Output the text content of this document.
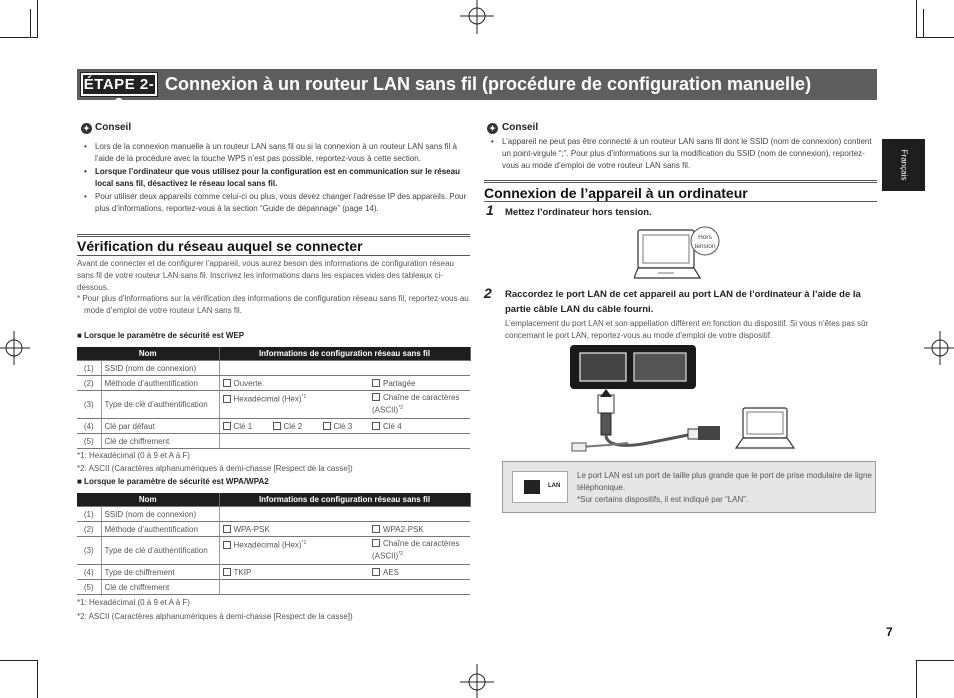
ÉTAPE 2-2
Connexion à un routeur LAN sans fil (procédure de configuration manuelle)
✦ Conseil
• Lors de la connexion manuelle à un routeur LAN sans fil ou si la connexion à un routeur LAN sans fil à l’aide de la procédure avec la touche WPS n’est pas possible, reportez-vous à cette section.
• Lorsque l’ordinateur que vous utilisez pour la configuration est en communication sur le réseau local sans fil, désactivez le réseau local sans fil.
• Pour utiliser deux appareils comme celui-ci ou plus, vous devez changer l’adresse IP des appareils. Pour plus d’informations, reportez-vous à la section “Guide de dépannage” (page 14).
Vérification du réseau auquel se connecter
Avant de connecter et de configurer l’appareil, vous aurez besoin des informations de configuration réseau sans fil de votre routeur LAN sans fil. Inscrivez les informations dans les espaces vides des tableaux ci-dessous.
* Pour plus d’informations sur la vérification des informations de configuration réseau sans fil, reportez-vous au mode d’emploi de votre routeur LAN sans fil.
■ Lorsque le paramètre de sécurité est WEP
Nom		Informations de configuration réseau sans fil	
(1)	SSID (nom de connexion)		
(2)	Méthode d’authentification	Ouverte	Partagée
(3)	Type de clé d’authentification	Hexadécimal (Hex)$^{*1}$	Chaîne de caractères (ASCII)$^{*2}$
(4)	Clé par défaut	Clé 1 Clé 2 Clé 3	Clé 4
(5)	Clé de chiffrement		
*1: Hexadécimal (0 à 9 et A à F)
*2: ASCII (Caractères alphanumériques à demi-chasse [Respect de la casse])
■ Lorsque le paramètre de sécurité est WPA/WPA2
Nom		Informations de configuration réseau sans fil	
(1)	SSID (nom de connexion)		
(2)	Méthode d’authentification	WPA-PSK	WPA2-PSK
(3)	Type de clé d’authentification	Hexadécimal (Hex)$^{*1}$	Chaîne de caractères (ASCII)$^{*2}$
(4)	Type de chiffrement	TKIP	AES
(5)	Clé de chiffrement		
*1: Hexadécimal (0 à 9 et A à F)
*2: ASCII (Caractères alphanumériques à demi-chasse [Respect de la casse])
✦ Conseil
• L’appareil ne peut pas être connecté à un routeur LAN sans fil dont le SSID (nom de connexion) contient un point-virgule “;”. Pour plus d’informations sur la modification du SSID (nom de connexion), reportez-vous au mode d’emploi de votre routeur LAN sans fil.
Connexion de l’appareil à un ordinateur
1 Mettez l’ordinateur hors tension.
Hors
tension
2 Raccordez le port LAN de cet appareil au port LAN de l’ordinateur à l’aide de la partie câble LAN du câble fourni.
L’emplacement du port LAN et son appellation diffèrent en fonction du dispositif. Si vous n’êtes pas sûr concernant le port LAN, reportez-vous au mode d’emploi de votre dispositif.
LAN
Le port LAN est un port de taille plus grande que le port de prise modulaire de ligne téléphonique.
*Sur certains dispositifs, il est indiqué par “LAN”.
Français
7
